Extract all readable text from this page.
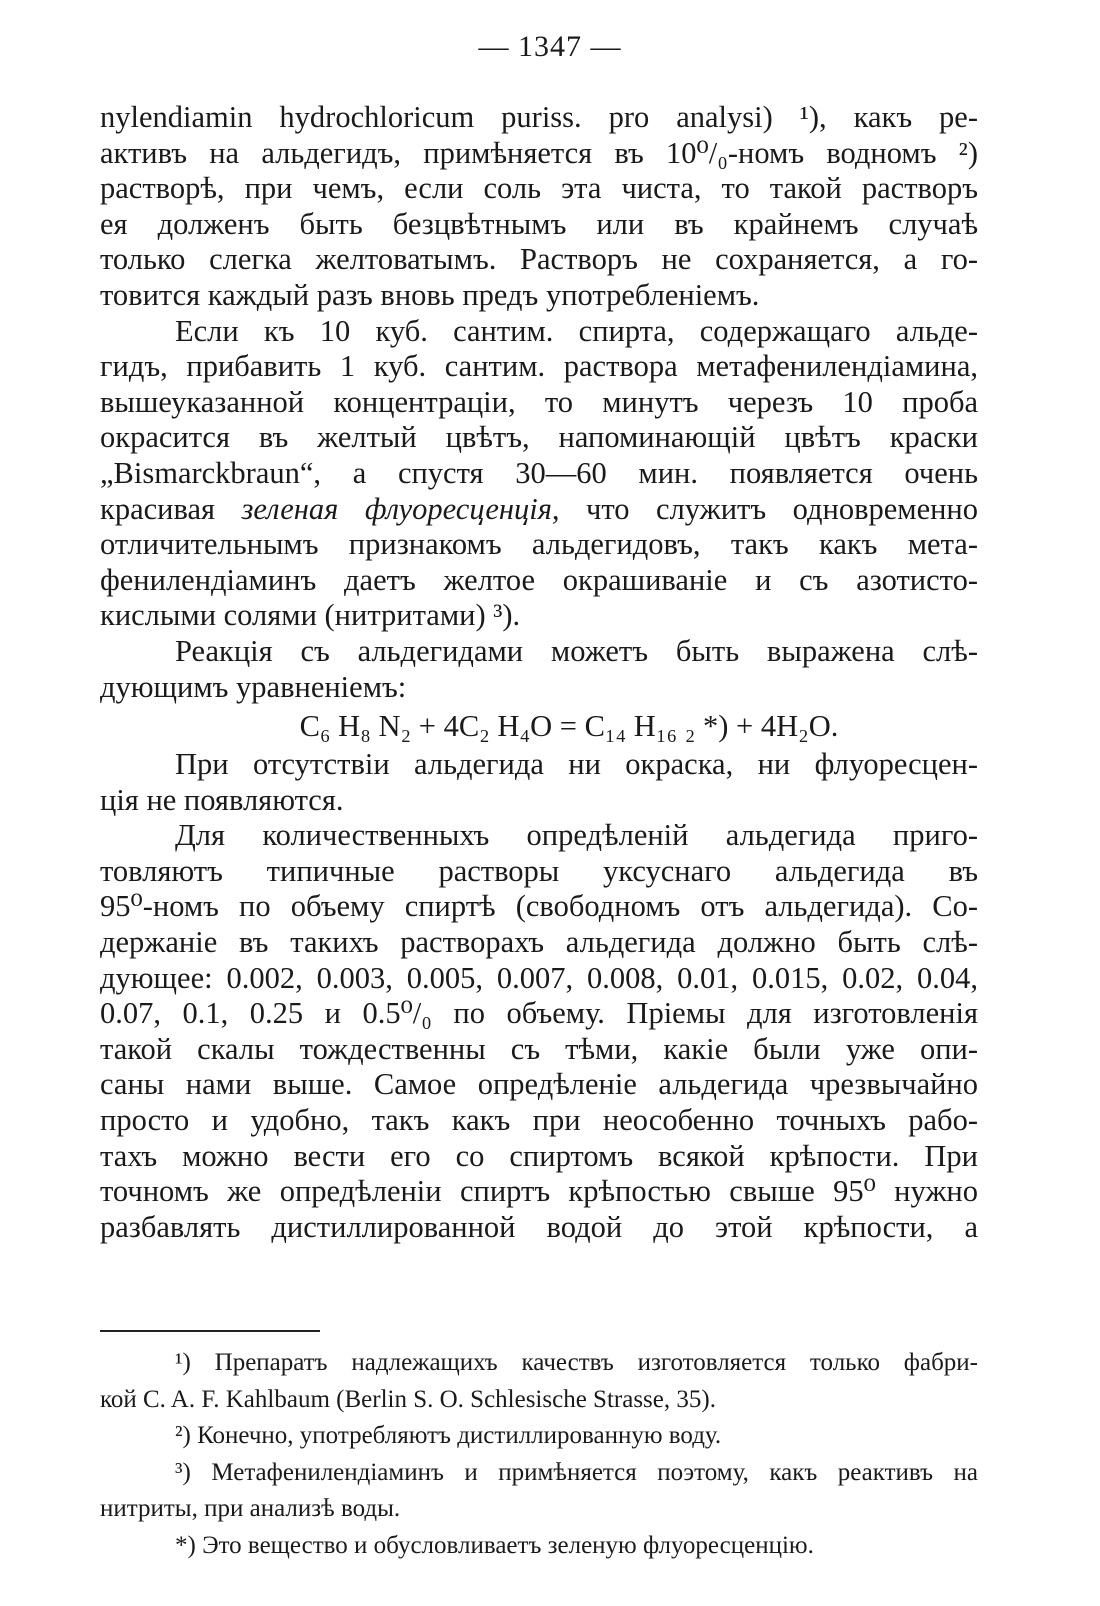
— 1347 —
nylendiamin hydrochloricum puriss. pro analysi) ¹), какъ ре-
активъ на альдегидъ, примѣняется въ 10⁰/₀-номъ водномъ ²)
растворѣ, при чемъ, если соль эта чиста, то такой растворъ
ея долженъ быть безцвѣтнымъ или въ крайнемъ случаѣ
только слегка желтоватымъ. Растворъ не сохраняется, а го-
товится каждый разъ вновь предъ употребленіемъ.
Если къ 10 куб. сантим. спирта, содержащаго альде-
гидъ, прибавить 1 куб. сантим. раствора метафенилендіамина,
вышеуказанной концентраціи, то минутъ черезъ 10 проба
окрасится въ желтый цвѣтъ, напоминающій цвѣтъ краски
„Bismarckbraun“, а спустя 30—60 мин. появляется очень
красивая зеленая флуоресценція, что служитъ одновременно
отличительнымъ признакомъ альдегидовъ, такъ какъ мета-
фенилендіаминъ даетъ желтое окрашиваніе и съ азотисто-
кислыми солями (нитритами) ³).
Реакція съ альдегидами можетъ быть выражена слѣ-
дующимъ уравненіемъ:
C₆ H₈ N₂ + 4C₂ H₄O = C₁₄ H₁₆ ₂ *) + 4H₂O.
При отсутствіи альдегида ни окраска, ни флуоресцен-
ція не появляются.
Для количественныхъ опредѣленій альдегида приго-
товляютъ типичные растворы уксуснаго альдегида въ
95⁰-номъ по объему спиртѣ (свободномъ отъ альдегида). Со-
держаніе въ такихъ растворахъ альдегида должно быть слѣ-
дующее: 0.002, 0.003, 0.005, 0.007, 0.008, 0.01, 0.015, 0.02, 0.04,
0.07, 0.1, 0.25 и 0.5⁰/₀ по объему. Пріемы для изготовленія
такой скалы тождественны съ тѣми, какіе были уже опи-
саны нами выше. Самое опредѣленіе альдегида чрезвычайно
просто и удобно, такъ какъ при неособенно точныхъ рабо-
тахъ можно вести его со спиртомъ всякой крѣпости. При
точномъ же опредѣленіи спиртъ крѣпостью свыше 95⁰ нужно
разбавлять дистиллированной водой до этой крѣпости, а
¹) Препаратъ надлежащихъ качествъ изготовляется только фабри-
кой C. A. F. Kahlbaum (Berlin S. O. Schlesische Strasse, 35).
²) Конечно, употребляютъ дистиллированную воду.
³) Метафенилендіаминъ и примѣняется поэтому, какъ реактивъ на
нитриты, при анализѣ воды.
*) Это вещество и обусловливаетъ зеленую флуоресценцію.
